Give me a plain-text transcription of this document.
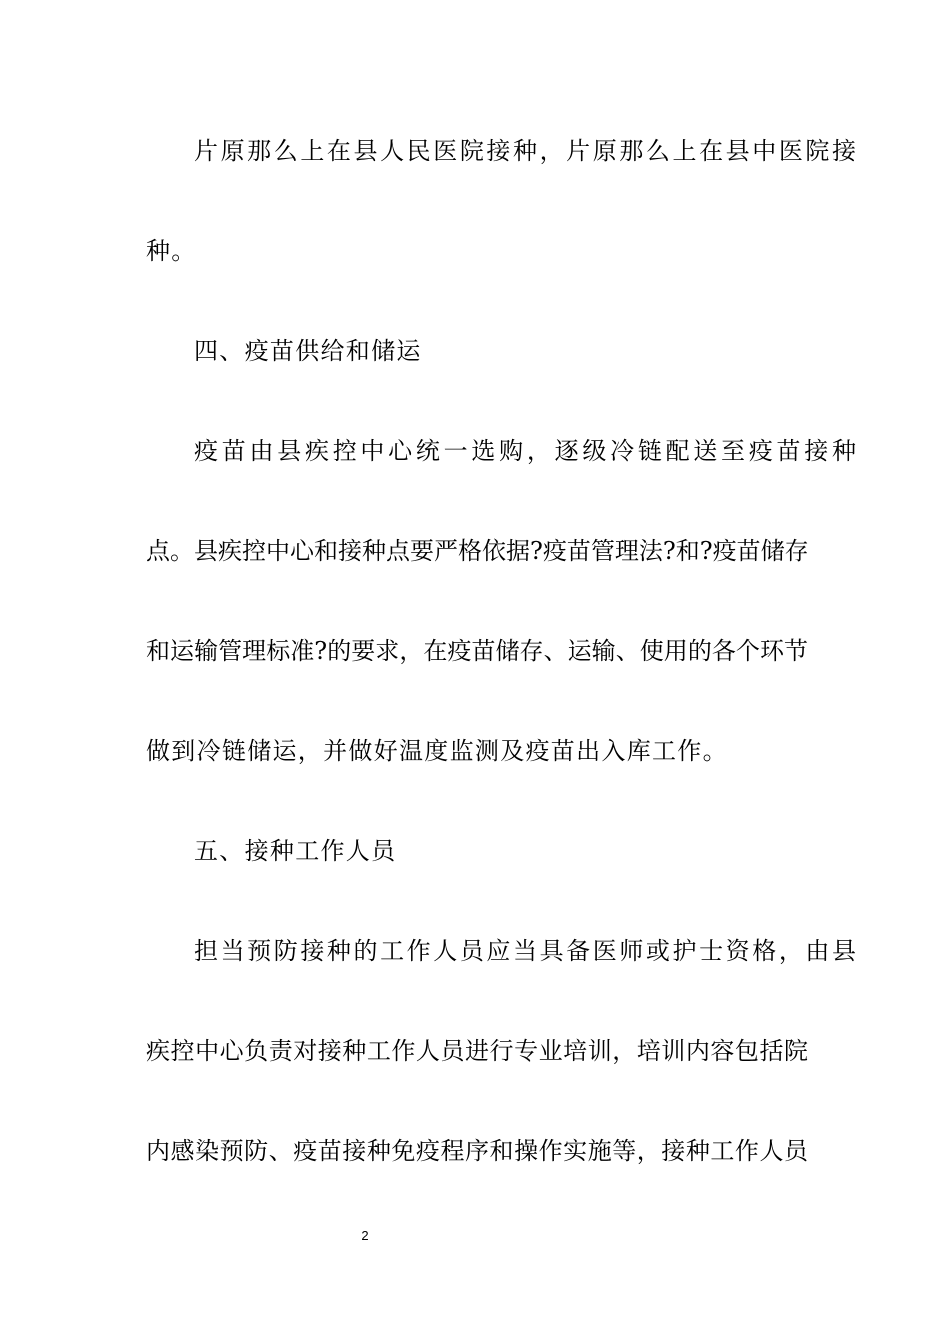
片原那么上在县人民医院接种，片原那么上在县中医院接
种。
四、疫苗供给和储运
疫苗由县疾控中心统一选购，逐级冷链配送至疫苗接种
点。县疾控中心和接种点要严格依据?疫苗管理法?和?疫苗储存
和运输管理标准?的要求，在疫苗储存、运输、使用的各个环节
做到冷链储运，并做好温度监测及疫苗出入库工作。
五、接种工作人员
担当预防接种的工作人员应当具备医师或护士资格，由县
疾控中心负责对接种工作人员进行专业培训，培训内容包括院
内感染预防、疫苗接种免疫程序和操作实施等，接种工作人员
2
